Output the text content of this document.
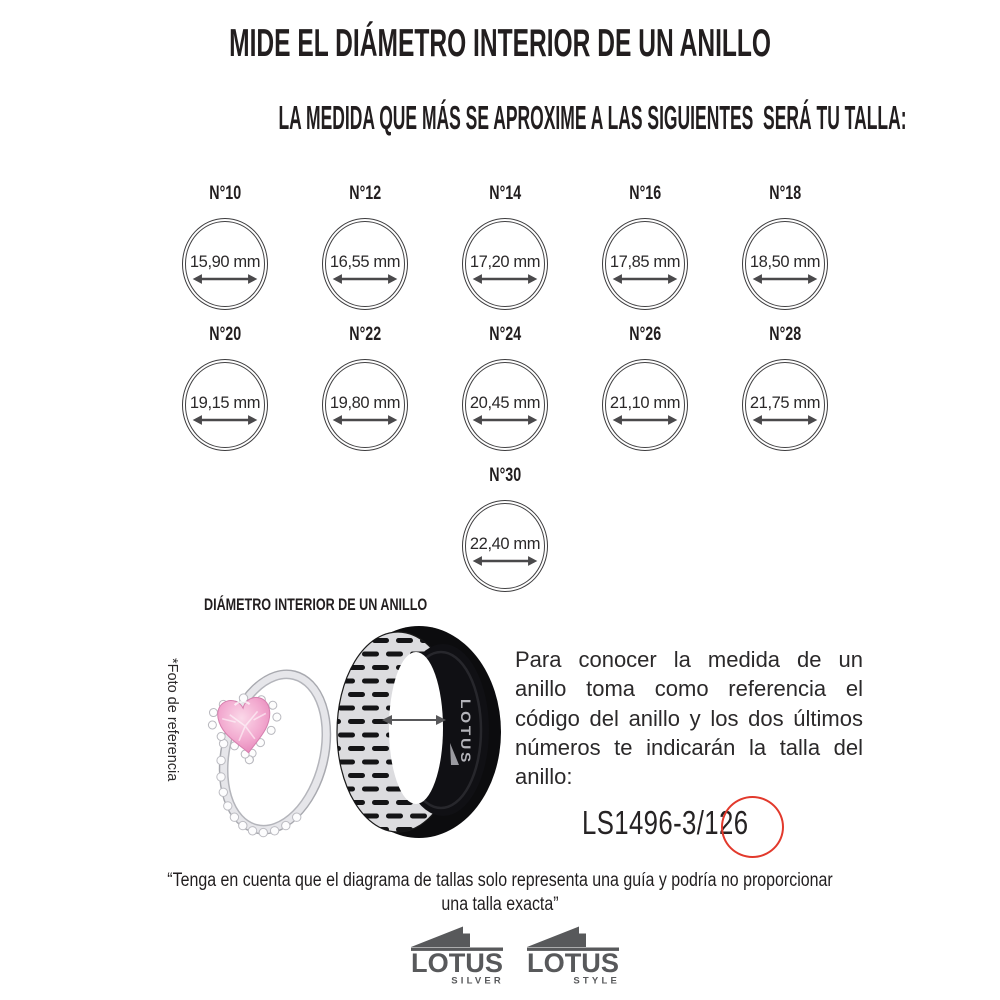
MIDE EL DIÁMETRO INTERIOR DE UN ANILLO
LA MEDIDA QUE MÁS SE APROXIME A LAS SIGUIENTES  SERÁ TU TALLA:
N°10
15,90 mm
N°12
16,55 mm
N°14
17,20 mm
N°16
17,85 mm
N°18
18,50 mm
N°20
19,15 mm
N°22
19,80 mm
N°24
20,45 mm
N°26
21,10 mm
N°28
21,75 mm
N°30
22,40 mm
DIÁMETRO INTERIOR DE UN ANILLO
*Foto de referencia	LOTUS
Para conocer la medida de un anillo toma como referencia el código del anillo y los dos últimos números te indicarán la talla del anillo:
LS1496-3/126
“Tenga en cuenta que el diagrama de tallas solo representa una guía y podría no proporcionar una talla exacta”
LOTUS
SILVER
LOTUS
STYLE
